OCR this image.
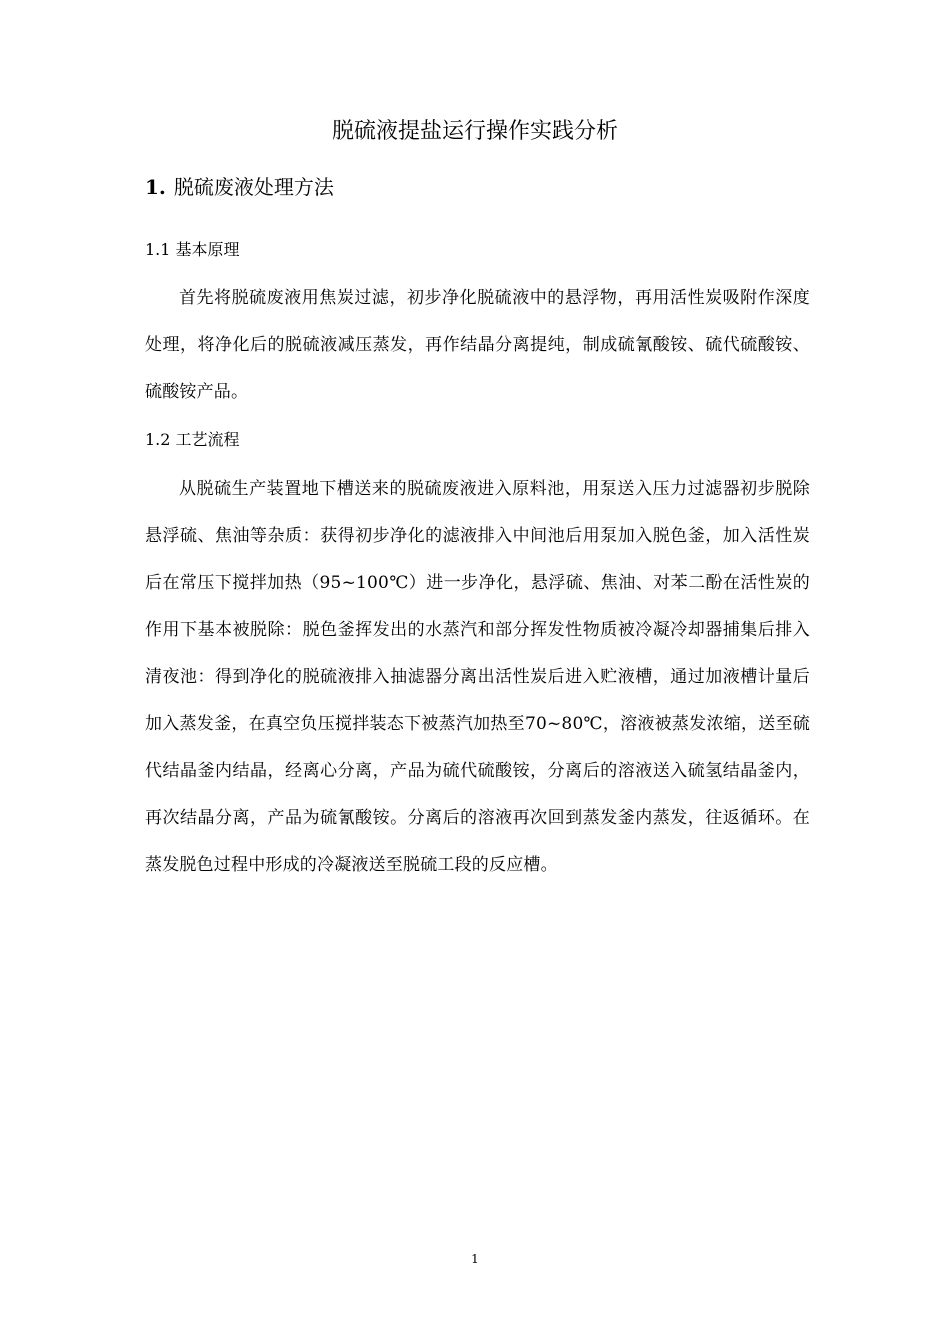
脱硫液提盐运行操作实践分析
1. 脱硫废液处理方法
1.1 基本原理
首先将脱硫废液用焦炭过滤，初步净化脱硫液中的悬浮物，再用活性炭吸附作深度处理，将净化后的脱硫液减压蒸发，再作结晶分离提纯，制成硫氰酸铵、硫代硫酸铵、硫酸铵产品。
1.2 工艺流程
从脱硫生产装置地下槽送来的脱硫废液进入原料池，用泵送入压力过滤器初步脱除悬浮硫、焦油等杂质：获得初步净化的滤液排入中间池后用泵加入脱色釜，加入活性炭后在常压下搅拌加热（95~100℃）进一步净化，悬浮硫、焦油、对苯二酚在活性炭的作用下基本被脱除：脱色釜挥发出的水蒸汽和部分挥发性物质被冷凝冷却器捕集后排入清夜池：得到净化的脱硫液排入抽滤器分离出活性炭后进入贮液槽，通过加液槽计量后加入蒸发釜，在真空负压搅拌装态下被蒸汽加热至70~80℃，溶液被蒸发浓缩，送至硫代结晶釜内结晶，经离心分离，产品为硫代硫酸铵，分离后的溶液送入硫氢结晶釜内，再次结晶分离，产品为硫氰酸铵。分离后的溶液再次回到蒸发釜内蒸发，往返循环。在蒸发脱色过程中形成的冷凝液送至脱硫工段的反应槽。
1
